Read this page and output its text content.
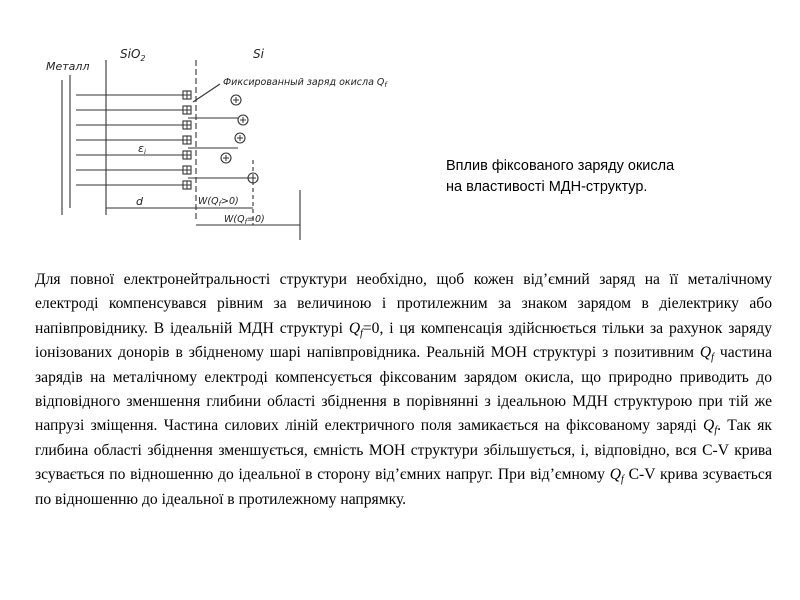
Металл
SiO$_2$	Si
Фиксированный заряд окисла $Q_f$
εi
d	$W(Q_f>0)$
$W(Q_f=0)$
Вплив фіксованого заряду окисла
на властивості МДН-структур.
Для повної електронейтральності структури необхідно, щоб кожен від’ємний заряд на її металічному електроді компенсувався рівним за величиною і протилежним за знаком зарядом в діелектрику або напівпровіднику. В ідеальній МДН структурі $Q_f=0$, і ця компенсація здійснюється тільки за рахунок заряду іонізованих донорів в збідненому шарі напівпровідника. Реальній МОН структурі з позитивним $Q_f$ частина зарядів на металічному електроді компенсується фіксованим зарядом окисла, що природно приводить до відповідного зменшення глибини області збіднення в порівнянні з ідеальною МДН структурою при тій же напрузі зміщення. Частина силових ліній електричного поля замикається на фіксованому заряді $Q_f$. Так як глибина області збіднення зменшується, ємність МОН структури збільшується, і, відповідно, вся С-V крива зсувається по відношенню до ідеальної в сторону від’ємних напруг. При від’ємному $Q_f$ С-V крива зсувається по відношенню до ідеальної в протилежному напрямку.
